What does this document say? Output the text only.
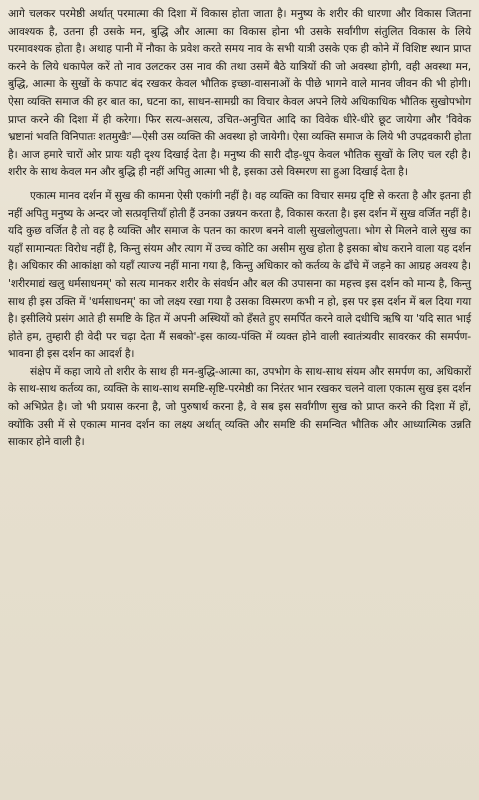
आगे चलकर परमेष्ठी अर्थात् परमात्मा की दिशा में विकास होता जाता है। मनुष्य के शरीर की धारणा और विकास जितना आवश्यक है, उतना ही उसके मन, बुद्धि और आत्मा का विकास होना भी उसके सर्वांगीण संतुलित विकास के लिये परमावश्यक होता है। अथाह पानी में नौका के प्रवेश करते समय नाव के सभी यात्री उसके एक ही कोने में विशिष्ट स्थान प्राप्त करने के लिये धकापेल करें तो नाव उलटकर उस नाव की तथा उसमें बैठे यात्रियों की जो अवस्था होगी, वही अवस्था मन, बुद्धि, आत्मा के सुखों के कपाट बंद रखकर केवल भौतिक इच्छा-वासनाओं के पीछे भागने वाले मानव जीवन की भी होगी। ऐसा व्यक्ति समाज की हर बात का, घटना का, साधन-सामग्री का विचार केवल अपने लिये अधिकाधिक भौतिक सुखोपभोग प्राप्त करने की दिशा में ही करेगा। फिर सत्य-असत्य, उचित-अनुचित आदि का विवेक धीरे-धीरे छूट जायेगा और 'विवेक भ्रष्टानां भवति विनिपातः शतमुखैः'—ऐसी उस व्यक्ति की अवस्था हो जायेगी। ऐसा व्यक्ति समाज के लिये भी उपद्रवकारी होता है। आज हमारे चारों ओर प्रायः यही दृश्य दिखाई देता है। मनुष्य की सारी दौड़-धूप केवल भौतिक सुखों के लिए चल रही है। शरीर के साथ केवल मन और बुद्धि ही नहीं अपितु आत्मा भी है, इसका उसे विस्मरण सा हुआ दिखाई देता है।

एकात्म मानव दर्शन में सुख की कामना ऐसी एकांगी नहीं है। वह व्यक्ति का विचार समग्र दृष्टि से करता है और इतना ही नहीं अपितु मनुष्य के अन्दर जो सत्प्रवृत्तियाँ होती हैं उनका उन्नयन करता है, विकास करता है। इस दर्शन में सुख वर्जित नहीं है। यदि कुछ वर्जित है तो वह है व्यक्ति और समाज के पतन का कारण बनने वाली सुखलोलुपता। भोग से मिलने वाले सुख का यहाँ सामान्यतः विरोध नहीं है, किन्तु संयम और त्याग में उच्च कोटि का असीम सुख होता है इसका बोध कराने वाला यह दर्शन है। अधिकार की आकांक्षा को यहाँ त्याज्य नहीं माना गया है, किन्तु अधिकार को कर्तव्य के ढाँचे में जड़ने का आग्रह अवश्य है। 'शरीरमाद्यं खलु धर्मसाधनम्' को सत्य मानकर शरीर के संवर्धन और बल की उपासना का महत्त्व इस दर्शन को मान्य है, किन्तु साथ ही इस उक्ति में 'धर्मसाधनम्' का जो लक्ष्य रखा गया है उसका विस्मरण कभी न हो, इस पर इस दर्शन में बल दिया गया है। इसीलिये प्रसंग आते ही समष्टि के हित में अपनी अस्थियों को हँसते हुए समर्पित करने वाले दधीचि ऋषि या 'यदि सात भाई होते हम, तुम्हारी ही वेदी पर चढ़ा देता मैं सबको'-इस काव्य-पंक्ति में व्यक्त होने वाली स्वातंत्र्यवीर सावरकर की समर्पण-भावना ही इस दर्शन का आदर्श है।

संक्षेप में कहा जाये तो शरीर के साथ ही मन-बुद्धि-आत्मा का, उपभोग के साथ-साथ संयम और समर्पण का, अधिकारों के साथ-साथ कर्तव्य का, व्यक्ति के साथ-साथ समष्टि-सृष्टि-परमेष्ठी का निरंतर भान रखकर चलने वाला एकात्म सुख इस दर्शन को अभिप्रेत है। जो भी प्रयास करना है, जो पुरुषार्थ करना है, वे सब इस सर्वांगीण सुख को प्राप्त करने की दिशा में हों, क्योंकि उसी में से एकात्म मानव दर्शन का लक्ष्य अर्थात् व्यक्ति और समष्टि की समन्वित भौतिक और आध्यात्मिक उन्नति साकार होने वाली है।
